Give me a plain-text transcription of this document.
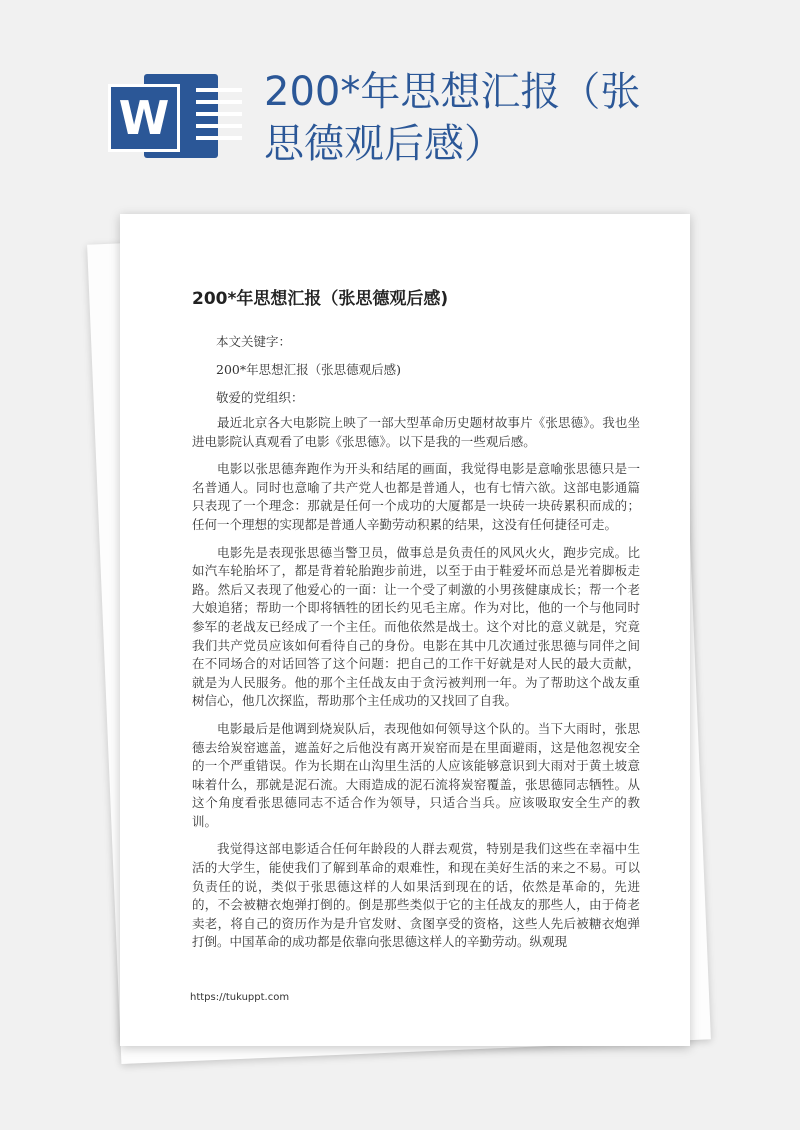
W 200*年思想汇报（张思德观后感）
200*年思想汇报（张思德观后感)
本文关键字：
200*年思想汇报（张思德观后感)
敬爱的党组织：

最近北京各大电影院上映了一部大型革命历史题材故事片《张思德》。我也坐进电影院认真观看了电影《张思德》。以下是我的一些观后感。

电影以张思德奔跑作为开头和结尾的画面，我觉得电影是意喻张思德只是一名普通人。同时也意喻了共产党人也都是普通人，也有七情六欲。这部电影通篇只表现了一个理念：那就是任何一个成功的大厦都是一块砖一块砖累积而成的；任何一个理想的实现都是普通人辛勤劳动积累的结果，这没有任何捷径可走。

电影先是表现张思德当警卫员，做事总是负责任的风风火火，跑步完成。比如汽车轮胎坏了，都是背着轮胎跑步前进，以至于由于鞋爱坏而总是光着脚板走路。然后又表现了他爱心的一面：让一个受了刺激的小男孩健康成长；帮一个老大娘追猪；帮助一个即将牺牲的团长约见毛主席。作为对比，他的一个与他同时参军的老战友已经成了一个主任。而他依然是战士。这个对比的意义就是，究竟我们共产党员应该如何看待自己的身份。电影在其中几次通过张思德与同伴之间在不同场合的对话回答了这个问题：把自己的工作干好就是对人民的最大贡献，就是为人民服务。他的那个主任战友由于贪污被判刑一年。为了帮助这个战友重树信心，他几次探监，帮助那个主任成功的又找回了自我。

电影最后是他调到烧炭队后，表现他如何领导这个队的。当下大雨时，张思德去给炭窑遮盖，遮盖好之后他没有离开炭窑而是在里面避雨，这是他忽视安全的一个严重错误。作为长期在山沟里生活的人应该能够意识到大雨对于黄土坡意味着什么，那就是泥石流。大雨造成的泥石流将炭窑覆盖，张思德同志牺牲。从这个角度看张思德同志不适合作为领导，只适合当兵。应该吸取安全生产的教训。

我觉得这部电影适合任何年龄段的人群去观赏，特别是我们这些在幸福中生活的大学生，能使我们了解到革命的艰难性，和现在美好生活的来之不易。可以负责任的说，类似于张思德这样的人如果活到现在的话，依然是革命的，先进的，不会被糖衣炮弹打倒的。倒是那些类似于它的主任战友的那些人，由于倚老卖老，将自己的资历作为是升官发财、贪图享受的资格，这些人先后被糖衣炮弹打倒。中国革命的成功都是依靠向张思德这样人的辛勤劳动。纵观現

https://tukuppt.com
